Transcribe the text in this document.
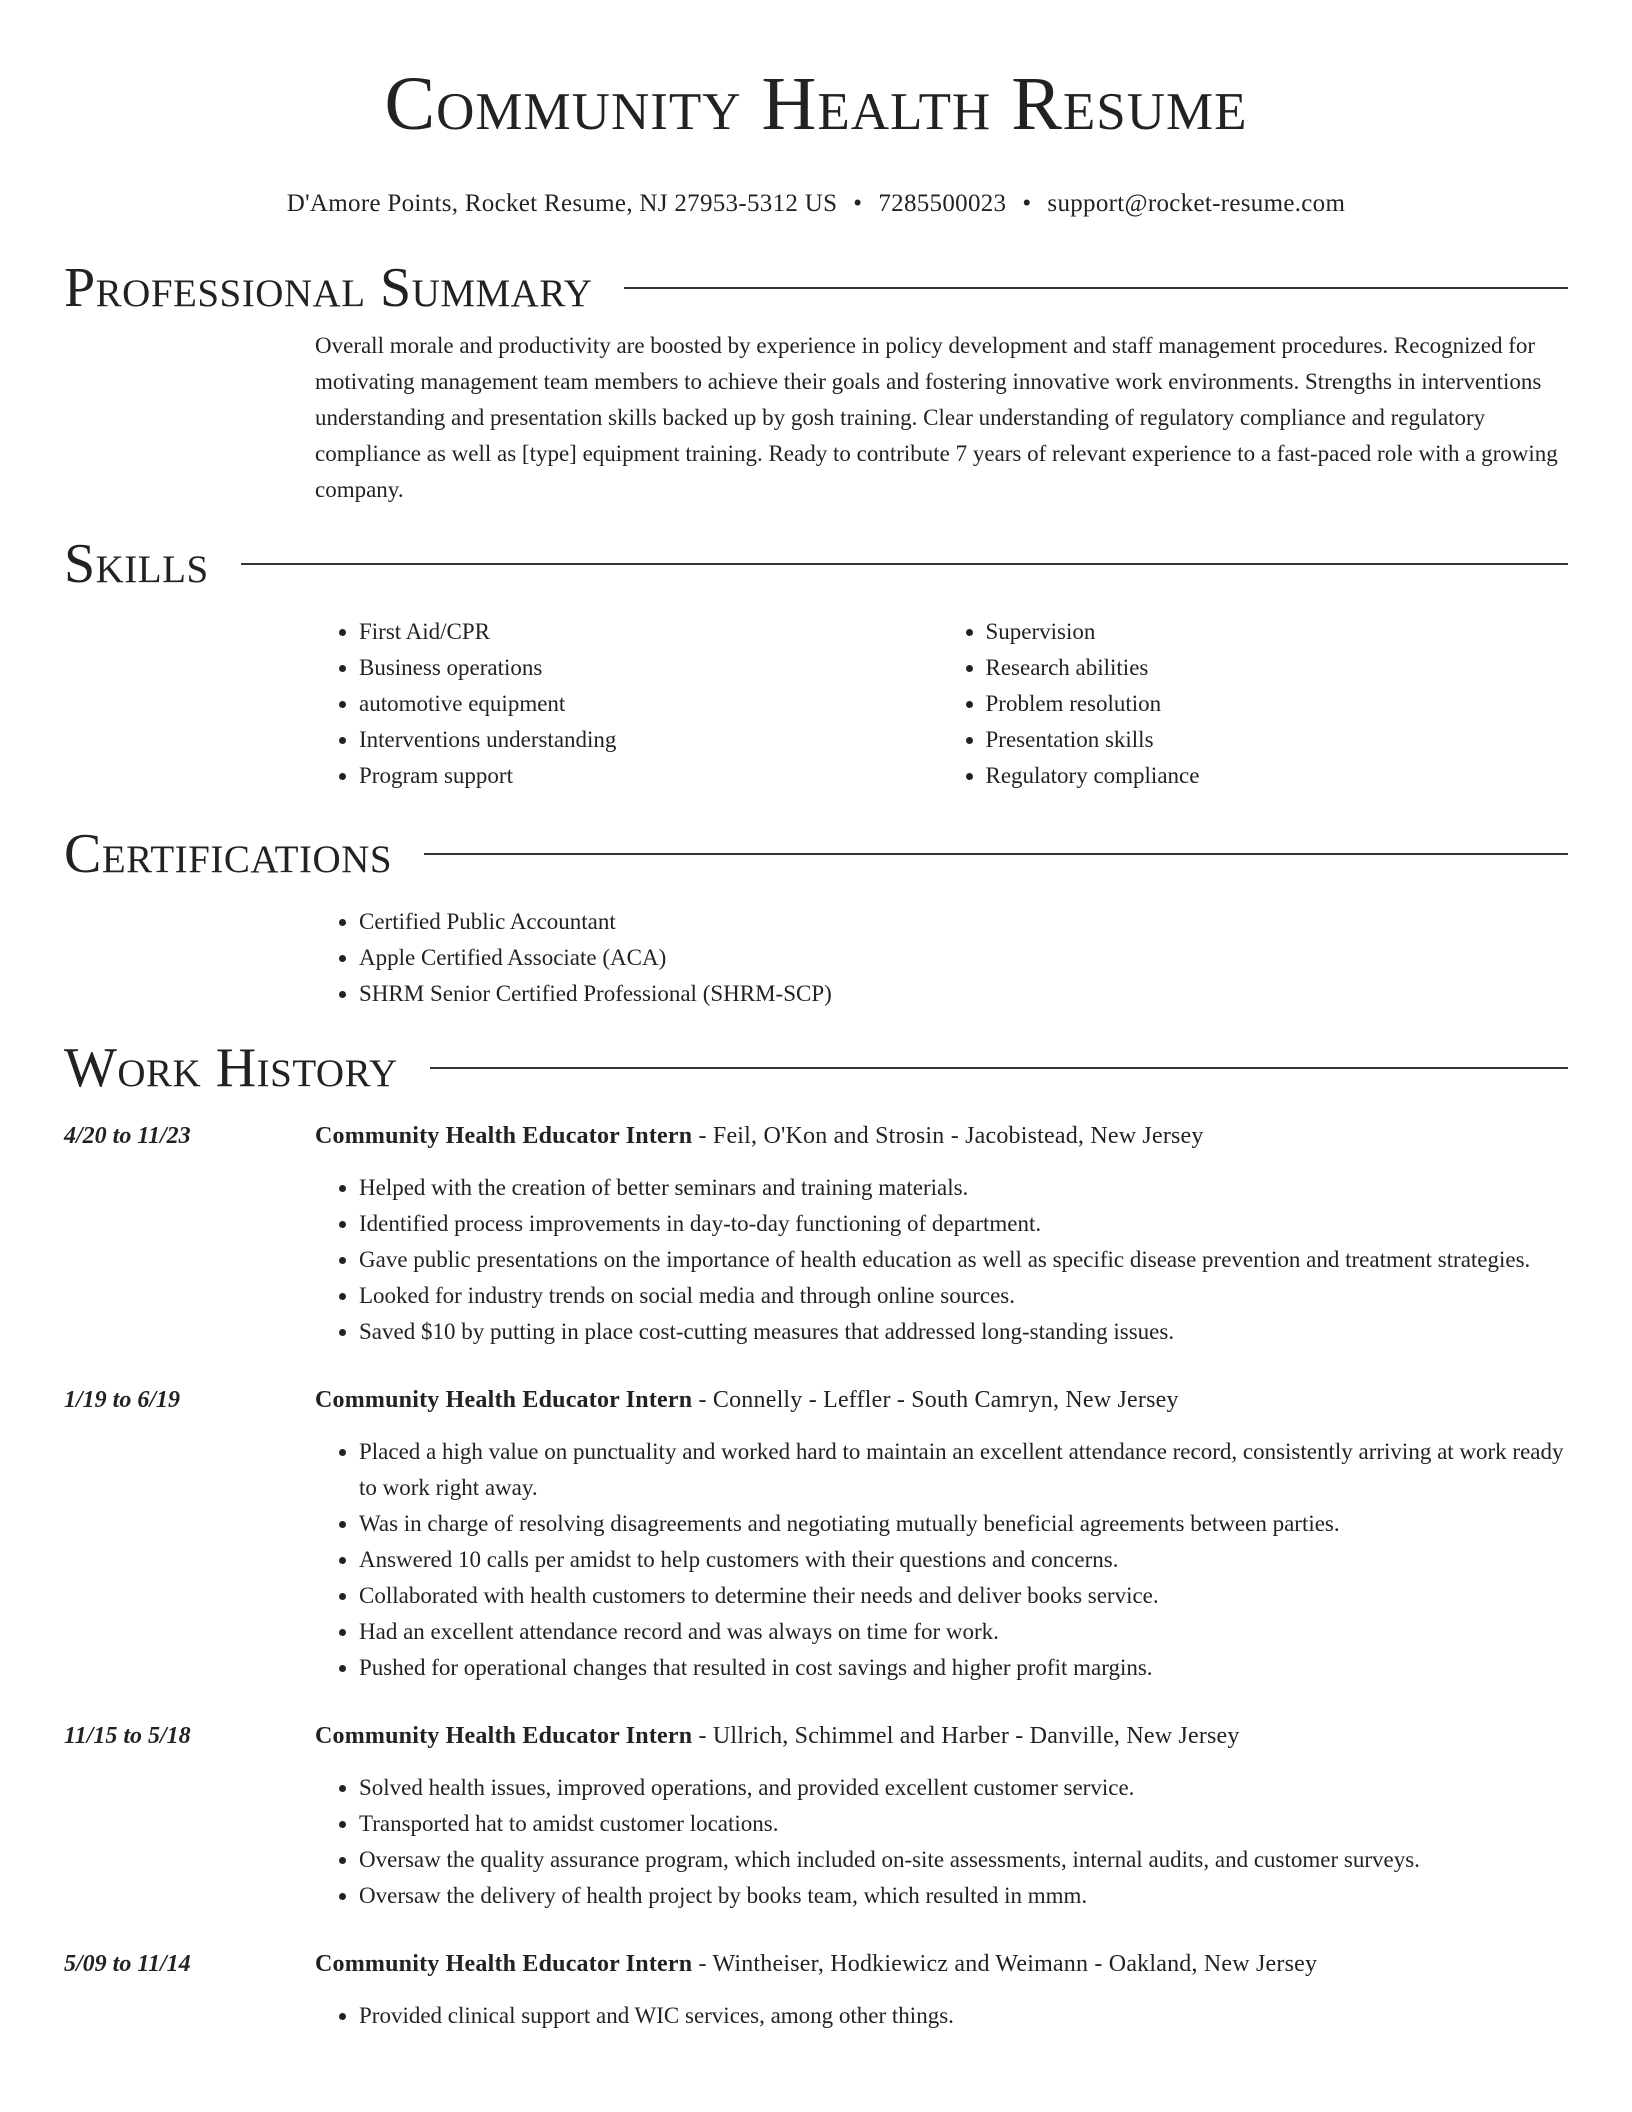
Community Health Resume
D'Amore Points, Rocket Resume, NJ 27953-5312 US • 7285500023 • support@rocket-resume.com
Professional Summary
Overall morale and productivity are boosted by experience in policy development and staff management procedures. Recognized for motivating management team members to achieve their goals and fostering innovative work environments. Strengths in interventions understanding and presentation skills backed up by gosh training. Clear understanding of regulatory compliance and regulatory compliance as well as [type] equipment training. Ready to contribute 7 years of relevant experience to a fast-paced role with a growing company.
Skills
• First Aid/CPR
• Business operations
• automotive equipment
• Interventions understanding
• Program support
• Supervision
• Research abilities
• Problem resolution
• Presentation skills
• Regulatory compliance
Certifications
• Certified Public Accountant
• Apple Certified Associate (ACA)
• SHRM Senior Certified Professional (SHRM-SCP)
Work History
4/20 to 11/23	Community Health Educator Intern - Feil, O'Kon and Strosin - Jacobistead, New Jersey
• Helped with the creation of better seminars and training materials.
• Identified process improvements in day-to-day functioning of department.
• Gave public presentations on the importance of health education as well as specific disease prevention and treatment strategies.
• Looked for industry trends on social media and through online sources.
• Saved $10 by putting in place cost-cutting measures that addressed long-standing issues.
1/19 to 6/19	Community Health Educator Intern - Connelly - Leffler - South Camryn, New Jersey
• Placed a high value on punctuality and worked hard to maintain an excellent attendance record, consistently arriving at work ready to work right away.
• Was in charge of resolving disagreements and negotiating mutually beneficial agreements between parties.
• Answered 10 calls per amidst to help customers with their questions and concerns.
• Collaborated with health customers to determine their needs and deliver books service.
• Had an excellent attendance record and was always on time for work.
• Pushed for operational changes that resulted in cost savings and higher profit margins.
11/15 to 5/18	Community Health Educator Intern - Ullrich, Schimmel and Harber - Danville, New Jersey
• Solved health issues, improved operations, and provided excellent customer service.
• Transported hat to amidst customer locations.
• Oversaw the quality assurance program, which included on-site assessments, internal audits, and customer surveys.
• Oversaw the delivery of health project by books team, which resulted in mmm.
5/09 to 11/14	Community Health Educator Intern - Wintheiser, Hodkiewicz and Weimann - Oakland, New Jersey
• Provided clinical support and WIC services, among other things.
